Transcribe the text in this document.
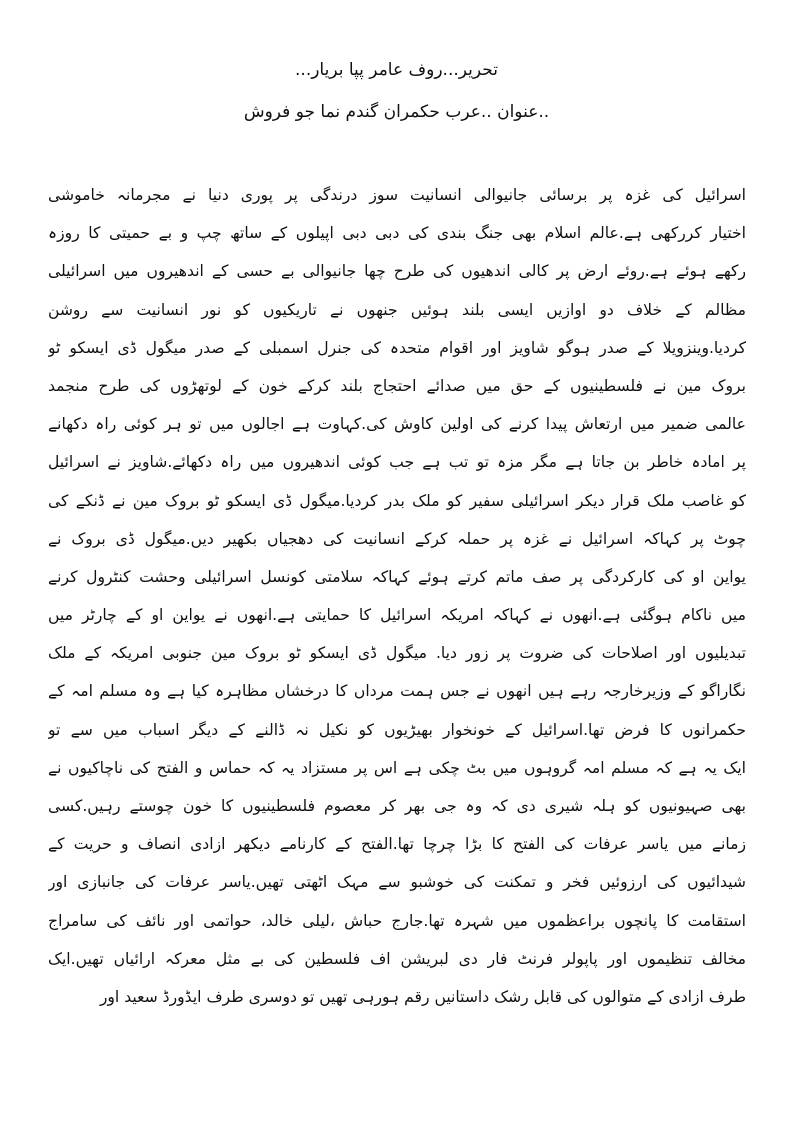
تحریر...روف عامر پپا بریار...
..عنوان ..عرب حکمران گندم نما جو فروش
اسرائیل کی غزہ پر برسائی جانیوالی انسانیت سوز درندگی پر پوری دنیا نے مجرمانہ خاموشی
اختیار کررکھی ہے.عالم اسلام بھی جنگ بندی کی دبی دبی اپیلوں کے ساتھ چپ و بے حمیتی کا روزہ
رکھے ہوئے ہے.روئے ارض پر کالی اندھیوں کی طرح چھا جانیوالی بے حسی کے اندھیروں میں اسرائیلی
مظالم کے خلاف دو اوازیں ایسی بلند ہوئیں جنھوں نے تاریکیوں کو نور انسانیت سے روشن
کردیا.وینزویلا کے صدر ہوگو شاویز اور اقوام متحدہ کی جنرل اسمبلی کے صدر میگول ڈی ایسکو ٹو
بروک مین نے فلسطینیوں کے حق میں صدائے احتجاج بلند کرکے خون کے لوتھڑوں کی طرح منجمد
عالمی ضمیر میں ارتعاش پیدا کرنے کی اولین کاوش کی.کہاوت ہے اجالوں میں تو ہر کوئی راہ دکھانے
پر امادہ خاطر بن جاتا ہے مگر مزہ تو تب ہے جب کوئی اندھیروں میں راہ دکھائے.شاویز نے اسرائیل
کو غاصب ملک قرار دیکر اسرائیلی سفیر کو ملک بدر کردیا.میگول ڈی ایسکو ٹو بروک مین نے ڈنکے کی
چوٹ پر کہاکہ اسرائیل نے غزہ پر حملہ کرکے انسانیت کی دھجیاں بکھیر دیں.میگول ڈی بروک نے
یواین او کی کارکردگی پر صف ماتم کرتے ہوئے کہاکہ سلامتی کونسل اسرائیلی وحشت کنٹرول کرنے
میں ناکام ہوگئی ہے.انھوں نے کہاکہ امریکہ اسرائیل کا حمایتی ہے.انھوں نے یواین او کے چارٹر میں
تبدیلیوں اور اصلاحات کی ضروت پر زور دیا. میگول ڈی ایسکو ٹو بروک مین جنوبی امریکہ کے ملک
نگاراگو کے وزیرخارجہ رہے ہیں انھوں نے جس ہمت مرداں کا درخشاں مظاہرہ کیا ہے وہ مسلم امہ کے
حکمرانوں کا فرض تھا.اسرائیل کے خونخوار بھیڑیوں کو نکیل نہ ڈالنے کے دیگر اسباب میں سے تو
ایک یہ ہے کہ مسلم امہ گروہوں میں بٹ چکی ہے اس پر مستزاد یہ کہ حماس و الفتح کی ناچاکیوں نے
بھی صہیونیوں کو ہلہ شیری دی کہ وہ جی بھر کر معصوم فلسطینیوں کا خون چوستے رہیں.کسی
زمانے میں یاسر عرفات کی الفتح کا بڑا چرچا تھا.الفتح کے کارنامے دیکھر ازادی انصاف و حریت کے
شیدائیوں کی ارزوئیں فخر و تمکنت کی خوشبو سے مہک اٹھتی تھیں.یاسر عرفات کی جانبازی اور
استقامت کا پانچوں براعظموں میں شہرہ تھا.جارج حباش ،لیلی خالد، حواتمی اور نائف کی سامراج
مخالف تنظیموں اور پاپولر فرنٹ فار دی لبریشن اف فلسطین کی بے مثل معرکہ ارائیاں تھیں.ایک
طرف ازادی کے متوالوں کی قابل رشک داستانیں رقم ہورہی تھیں تو دوسری طرف ایڈورڈ سعید اور
